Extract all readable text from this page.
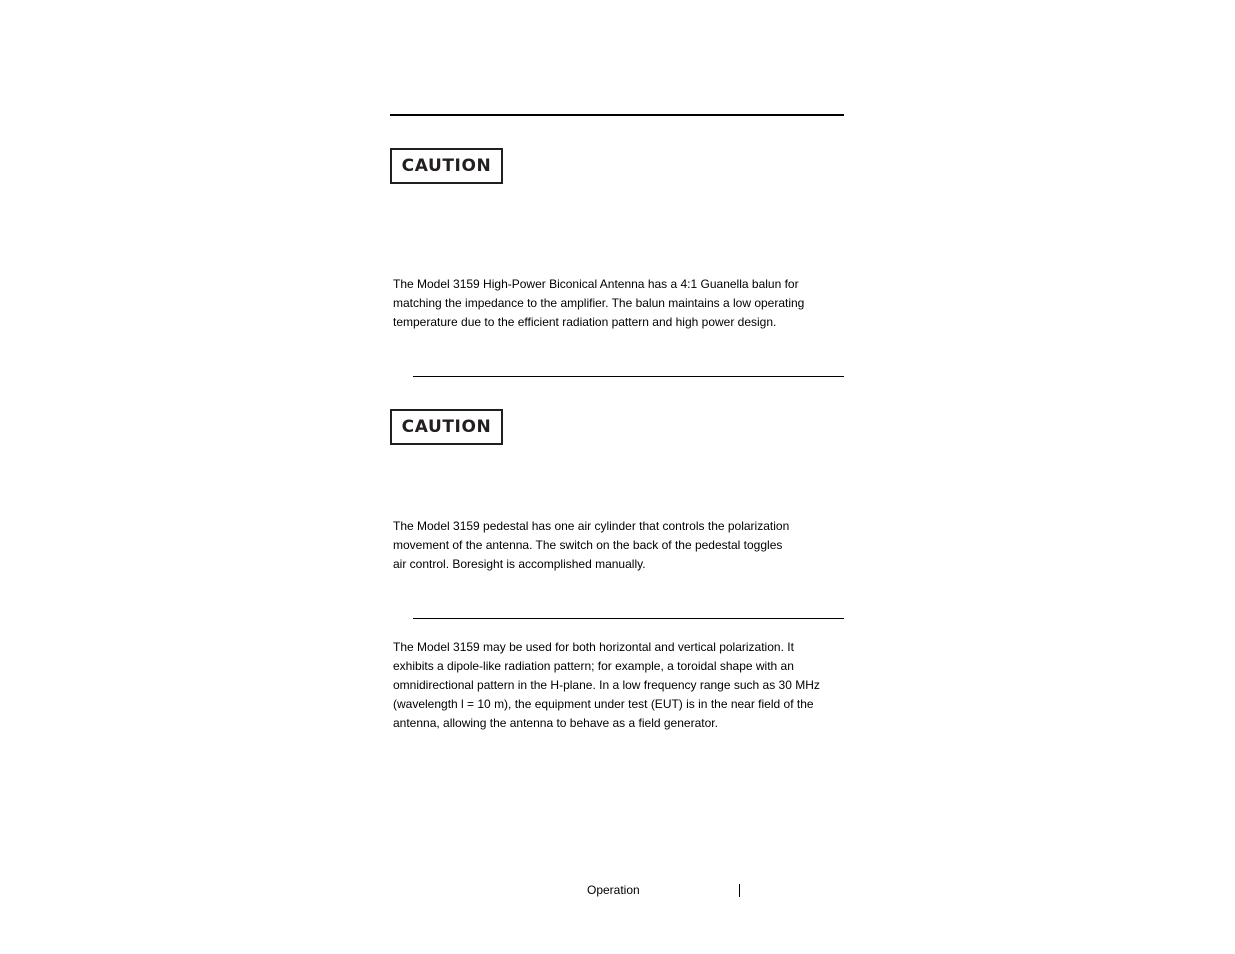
CAUTION

The Model 3159 High-Power Biconical Antenna has a 4:1 Guanella balun for
matching the impedance to the amplifier. The balun maintains a low operating
temperature due to the efficient radiation pattern and high power design.

CAUTION

The Model 3159 pedestal has one air cylinder that controls the polarization
movement of the antenna. The switch on the back of the pedestal toggles
air control. Boresight is accomplished manually.

The Model 3159 may be used for both horizontal and vertical polarization. It
exhibits a dipole-like radiation pattern; for example, a toroidal shape with an
omnidirectional pattern in the H-plane. In a low frequency range such as 30 MHz
(wavelength l = 10 m), the equipment under test (EUT) is in the near field of the
antenna, allowing the antenna to behave as a field generator.

Operation
